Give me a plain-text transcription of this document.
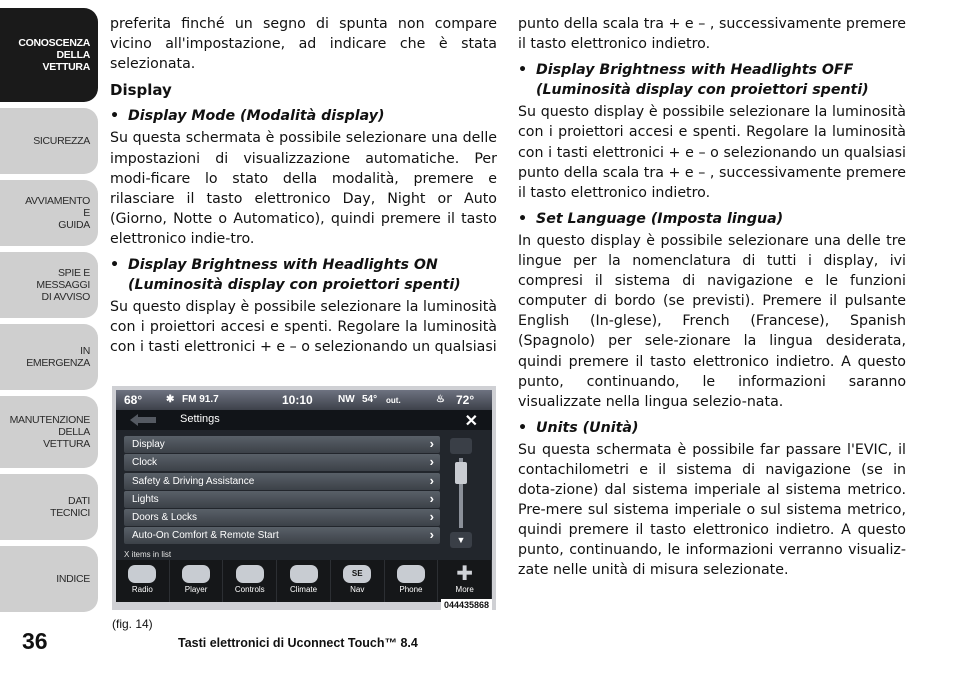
CONOSCENZA
DELLA
VETTURA
SICUREZZA
AVVIAMENTO
E
GUIDA
SPIE E
MESSAGGI
DI AVVISO
IN
EMERGENZA
MANUTENZIONE
DELLA
VETTURA
DATI
TECNICI
INDICE
36

preferita finché un segno di spunta non compare vicino all'impostazione, ad indicare che è stata selezionata.

Display
• Display Mode (Modalità display)

Su questa schermata è possibile selezionare una delle impostazioni di visualizzazione automatiche. Per modi-ficare lo stato della modalità, premere e rilasciare il tasto elettronico Day, Night or Auto (Giorno, Notte o Automatico), quindi premere il tasto elettronico indie-tro.

• Display Brightness with Headlights ON (Luminosità display con proiettori spenti)

Su questo display è possibile selezionare la luminosità con i proiettori accesi e spenti. Regolare la luminosità con i tasti elettronici + e – o selezionando un qualsiasi

68° ✱ FM 91.7	10:10	NW 54° out.	♨ 72°
Settings	✕
Display	›
Clock	›
Safety & Driving Assistance	›
Lights	›
Doors & Locks	›
Auto-On Comfort & Remote Start	›	▼
X items in list
Radio	Player	Controls	Climate
SE
Nav	Phone
✚
More
044435868
(fig. 14)
Tasti elettronici di Uconnect Touch™ 8.4

punto della scala tra + e – , successivamente premere il tasto elettronico indietro.

• Display Brightness with Headlights OFF (Luminosità display con proiettori spenti)

Su questo display è possibile selezionare la luminosità con i proiettori accesi e spenti. Regolare la luminosità con i tasti elettronici + e – o selezionando un qualsiasi punto della scala tra + e – , successivamente premere il tasto elettronico indietro.

• Set Language (Imposta lingua)

In questo display è possibile selezionare una delle tre lingue per la nomenclatura di tutti i display, ivi compresi il sistema di navigazione e le funzioni computer di bordo (se previsti). Premere il pulsante English (In-glese), French (Francese), Spanish (Spagnolo) per sele-zionare la lingua desiderata, quindi premere il tasto elettronico indietro. A questo punto, continuando, le informazioni saranno visualizzate nella lingua selezio-nata.

• Units (Unità)

Su questa schermata è possibile far passare l'EVIC, il contachilometri e il sistema di navigazione (se in dota-zione) dal sistema imperiale al sistema metrico. Pre-mere sul sistema imperiale o sul sistema metrico, quindi premere il tasto elettronico indietro. A questo punto, continuando, le informazioni verranno visualiz-zate nelle unità di misura selezionate.
